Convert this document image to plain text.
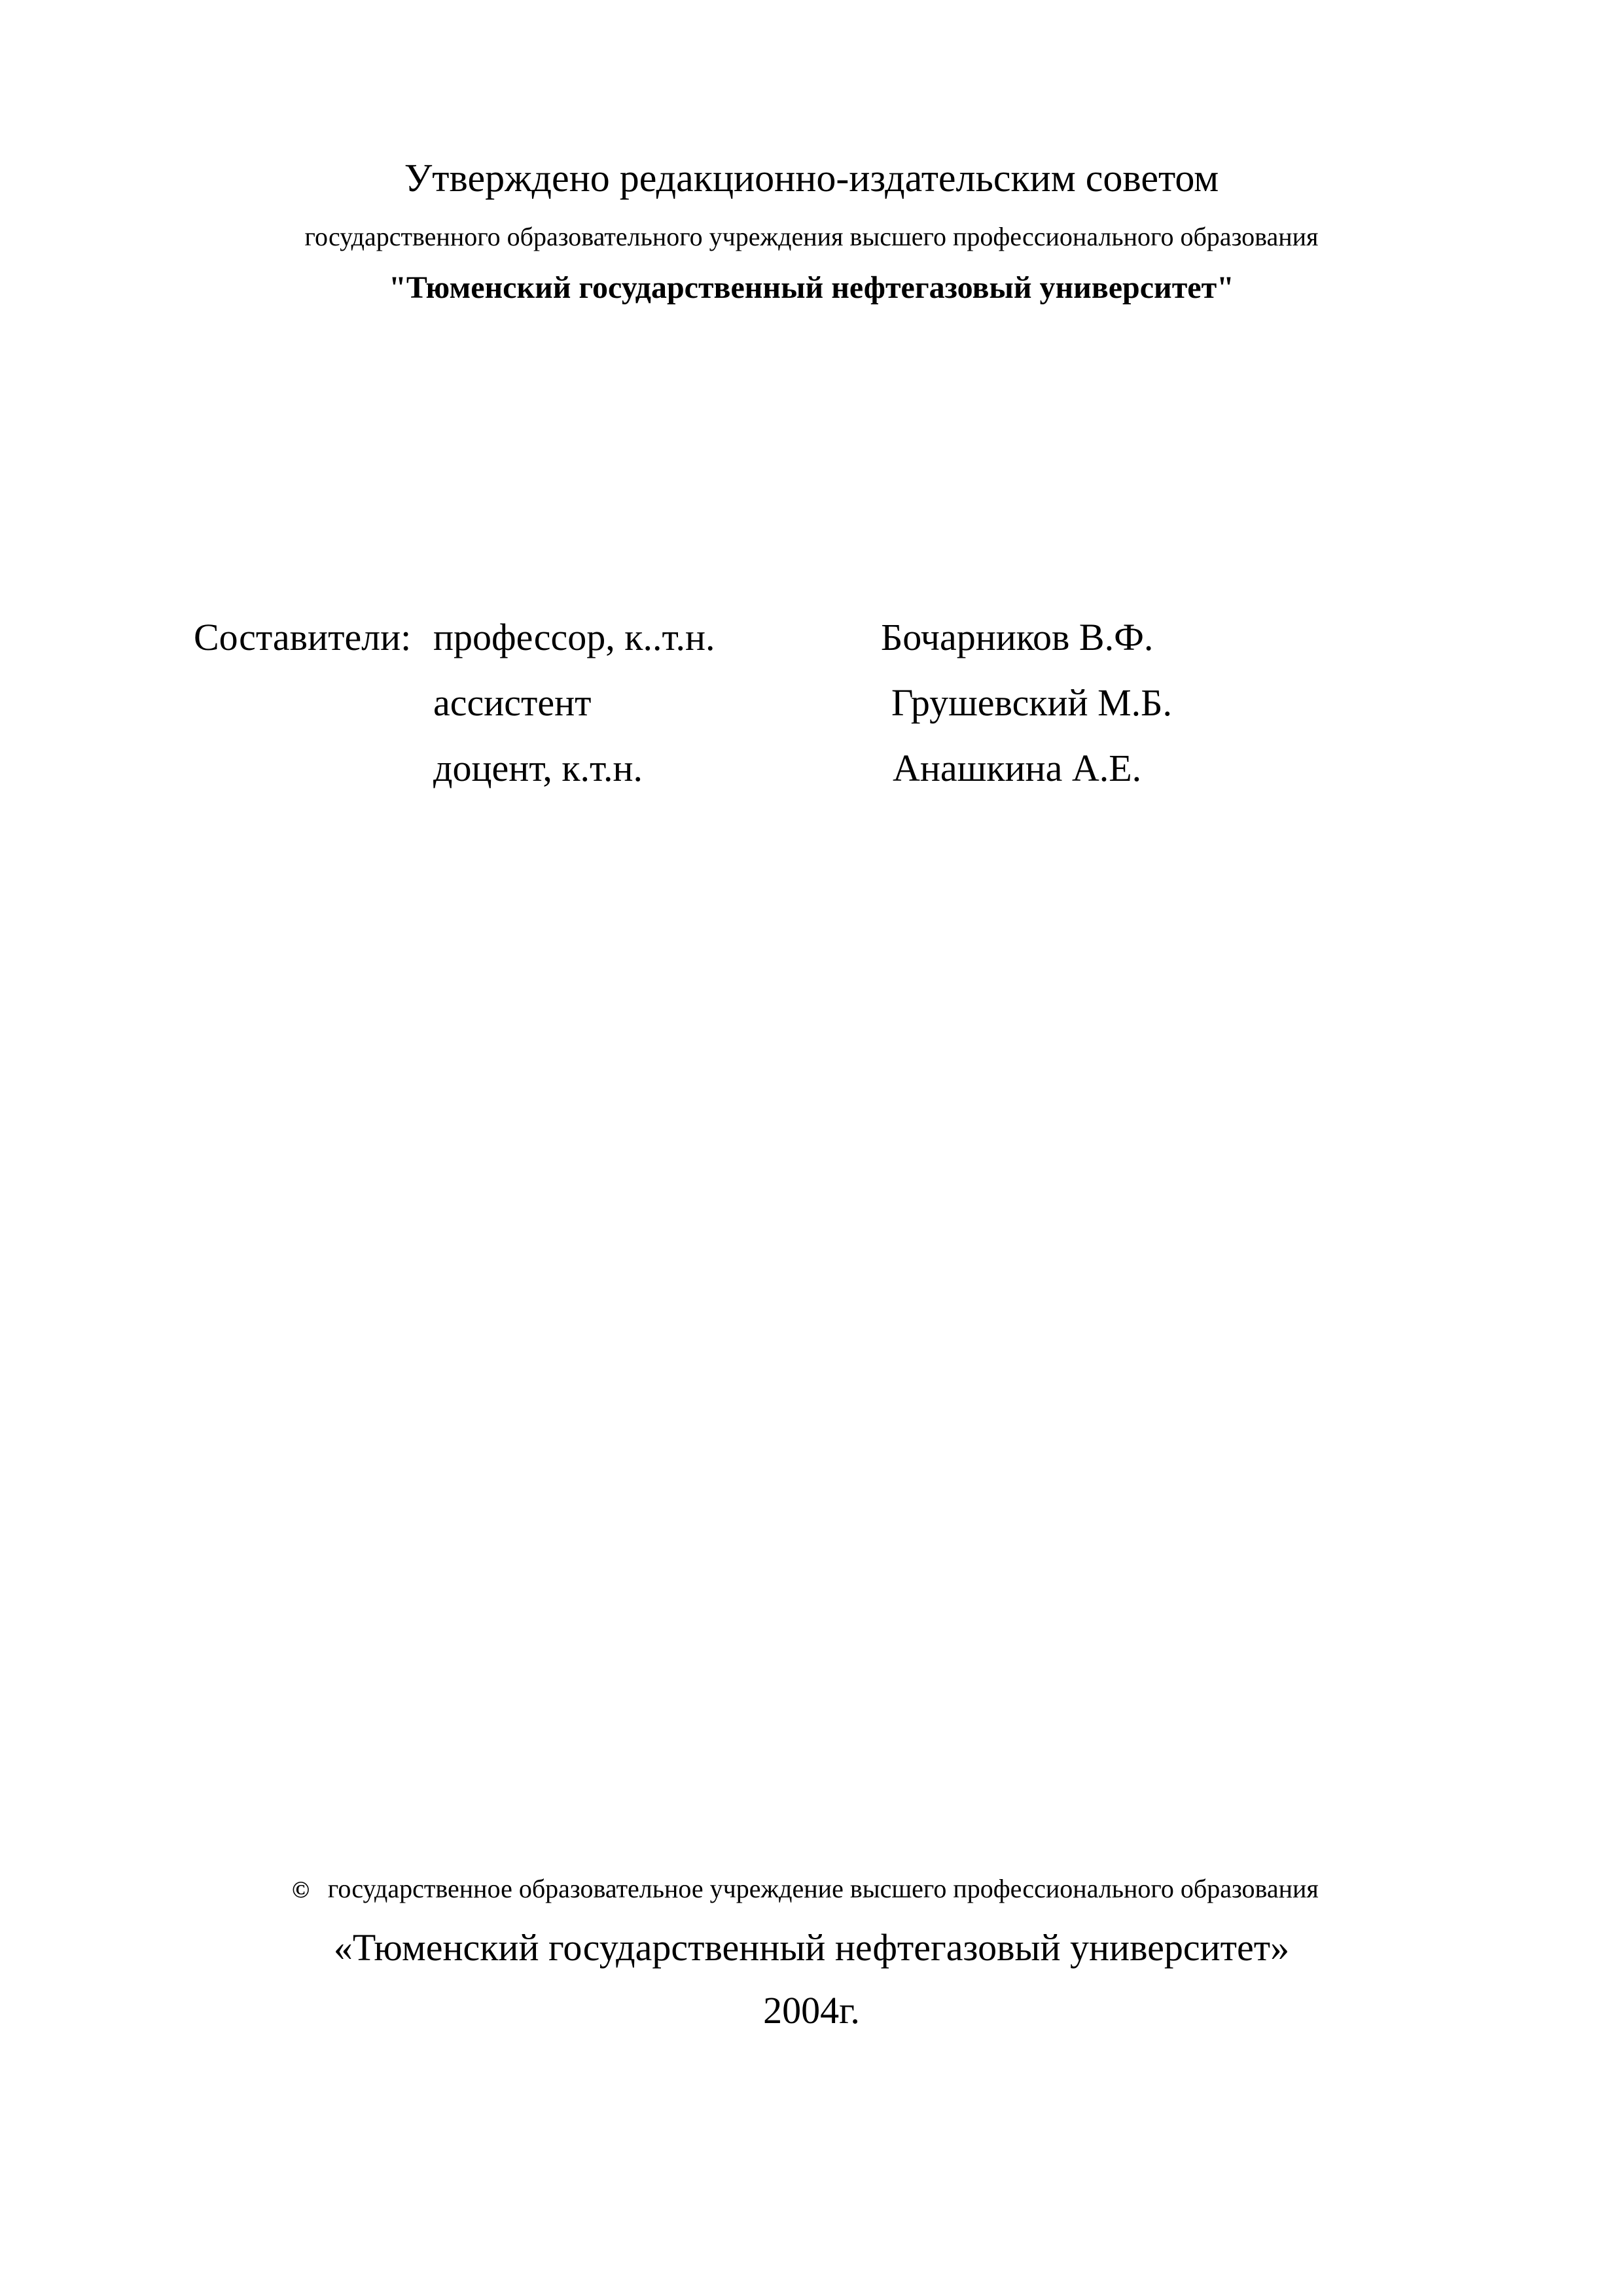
Утверждено редакционно-издательским советом
государственного образовательного учреждения высшего профессионального образования
"Тюменский государственный нефтегазовый университет"
Составители: профессор, к..т.н.	Бочарников В.Ф.
ассистент	Грушевский М.Б.
доцент, к.т.н.	Анашкина А.Е.
© государственное образовательное учреждение высшего профессионального образования
«Тюменский государственный нефтегазовый университет»
2004г.
